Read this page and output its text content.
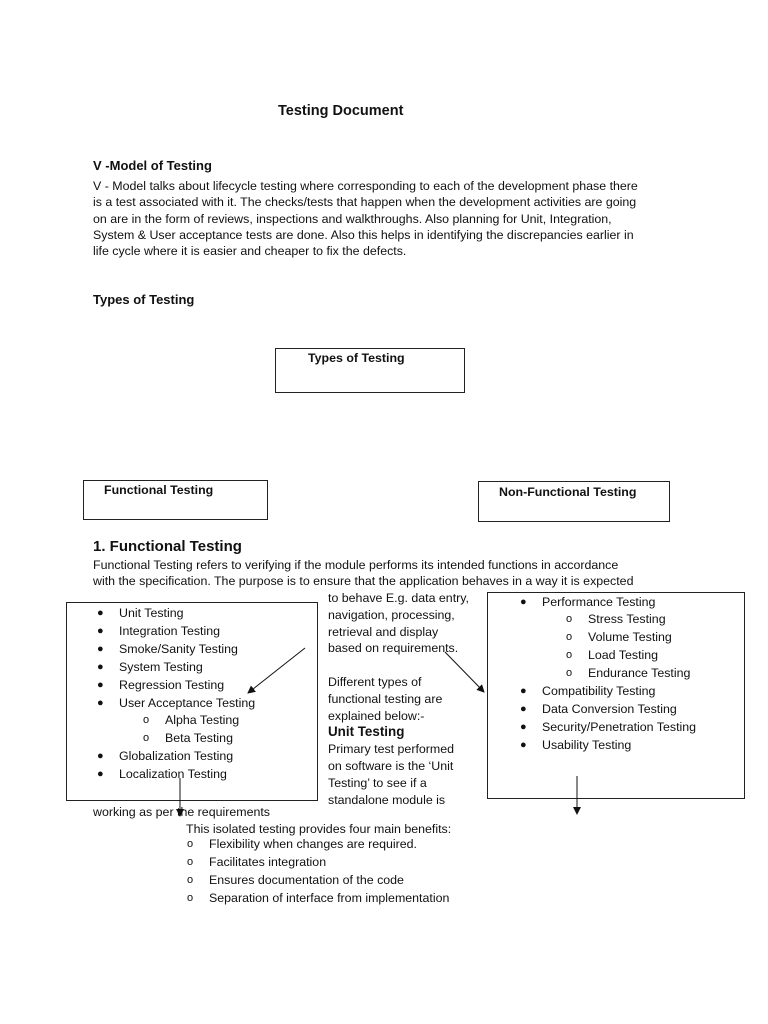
Testing Document
V -Model of Testing
V - Model talks about lifecycle testing where corresponding to each of the development phase there
is a test associated with it. The checks/tests that happen when the development activities are going
on are in the form of reviews, inspections and walkthroughs. Also planning for Unit, Integration,
System & User acceptance tests are done. Also this helps in identifying the discrepancies earlier in
life cycle where it is easier and cheaper to fix the defects.
Types of Testing
Types of Testing
Functional Testing	Non-Functional Testing
1. Functional Testing
Functional Testing refers to verifying if the module performs its intended functions in accordance
with the specification. The purpose is to ensure that the application behaves in a way it is expected
to behave E.g. data entry,
navigation, processing,
retrieval and display
based on requirements.
Different types of
functional testing are
explained below:-
Unit Testing
Primary test performed
on software is the ‘Unit
Testing’ to see if a
standalone module is
● Unit Testing
● Integration Testing
● Smoke/Sanity Testing
● System Testing
● Regression Testing
● User Acceptance Testing
o Alpha Testing
o Beta Testing
● Globalization Testing
● Localization Testing
● Performance Testing
o Stress Testing
o Volume Testing
o Load Testing
o Endurance Testing
● Compatibility Testing
● Data Conversion Testing
● Security/Penetration Testing
● Usability Testing
working as per the requirements
This isolated testing provides four main benefits:
o Flexibility when changes are required.
o Facilitates integration
o Ensures documentation of the code
o Separation of interface from implementation
